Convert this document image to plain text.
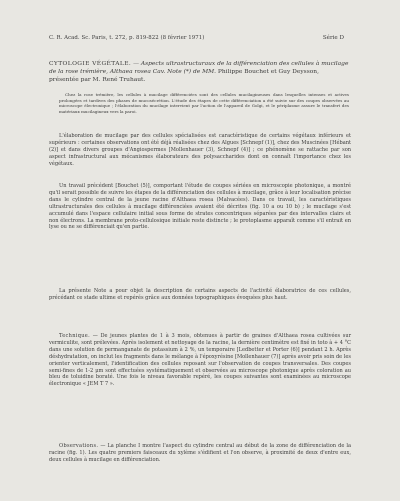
C. R. Acad. Sc. Paris, t. 272, p. 819-822 (8 février 1971)	Série D
CYTOLOGIE VÉGÉTALE. — Aspects ultrastructuraux de la différenciation des cellules à mucilage de la rose trémière, Althaea rosea Cav. Note (*) de MM. Philippe Bouchet et Guy Deysson, présentée par M. René Truhaut.

Chez la rose trémière, les cellules à mucilage différenciées sont des cellules mucilagineuses dans lesquelles intenses et actives prolongées et tardives des phases de mucosécrétion. L'étude des étapes de cette différenciation a été suivie sur des coupes observées au microscope électronique ; l'élaboration du mucilage intervient par l'action de l'appareil de Golgi, et le périplasme assure le transfert des matériaux mucilagineux vers la paroi.

L'élaboration de mucilage par des cellules spécialisées est caractéristique de certains végétaux inférieurs et supérieurs : certaines observations ont été déjà réalisées chez des Algues [Schnepf (1)], chez des Muscinées [Hébant (2)] et dans divers groupes d'Angiospermes [Mollenhauer (3), Schnepf (4)] ; ce phénomène se rattache par son aspect infrastructural aux mécanismes élaborateurs des polysaccharides dont on connaît l'importance chez les végétaux.

Un travail précédent [Bouchet (5)], comportant l'étude de coupes sériées en microscopie photonique, a montré qu'il serait possible de suivre les étapes de la différenciation des cellules à mucilage, grâce à leur localisation précise dans le cylindre central de la jeune racine d'Althaea rosea (Malvacées). Dans ce travail, les caractéristiques ultrastructurales des cellules à mucilage différenciées avaient été décrites (fig. 10 a ou 10 b) ; le mucilage s'est accumulé dans l'espace cellulaire initial sous forme de strates concentriques séparées par des intervalles clairs et non électrons. La membrane proto-cellulosique initiale reste distincte ; le protoplasme apparaît comme s'il entrait en lyse ou ne se différenciait qu'en partie.

La présente Note a pour objet la description de certains aspects de l'activité élaboratrice de ces cellules, précédant ce stade ultime et repérés grâce aux données topographiques évoquées plus haut.

Technique. — De jeunes plantes de 1 à 3 mois, obtenues à partir de graines d'Althaea rosea cultivées sur vermiculite, sont prélevées. Après isolement et nettoyage de la racine, la dernière centimètre est fixé in toto à + 4 °C dans une solution de permanganate de potassium à 2 %, un temporaire [Ledbetter et Porter (6)] pendant 2 h. Après déshydratation, on inclut les fragments dans le mélange à l'époxyrésine [Mollenhauer (7)] après avoir pris soin de les orienter verticalement, l'identification des cellules reposant sur l'observation de coupes transversales. Des coupes semi-fines de 1-2 μm sont effectuées systématiquement et observées au microscope photonique après coloration au bleu de toluidine boraté. Une fois le niveau favorable repéré, les coupes suivantes sont examinées au microscope électronique « JEM T 7 ».

Observations. — La planche I montre l'aspect du cylindre central au début de la zone de différenciation de la racine (fig. 1). Les quatre premiers faisceaux du xylème s'édifient et l'on observe, à proximité de deux d'entre eux, deux cellules à mucilage en différenciation.
